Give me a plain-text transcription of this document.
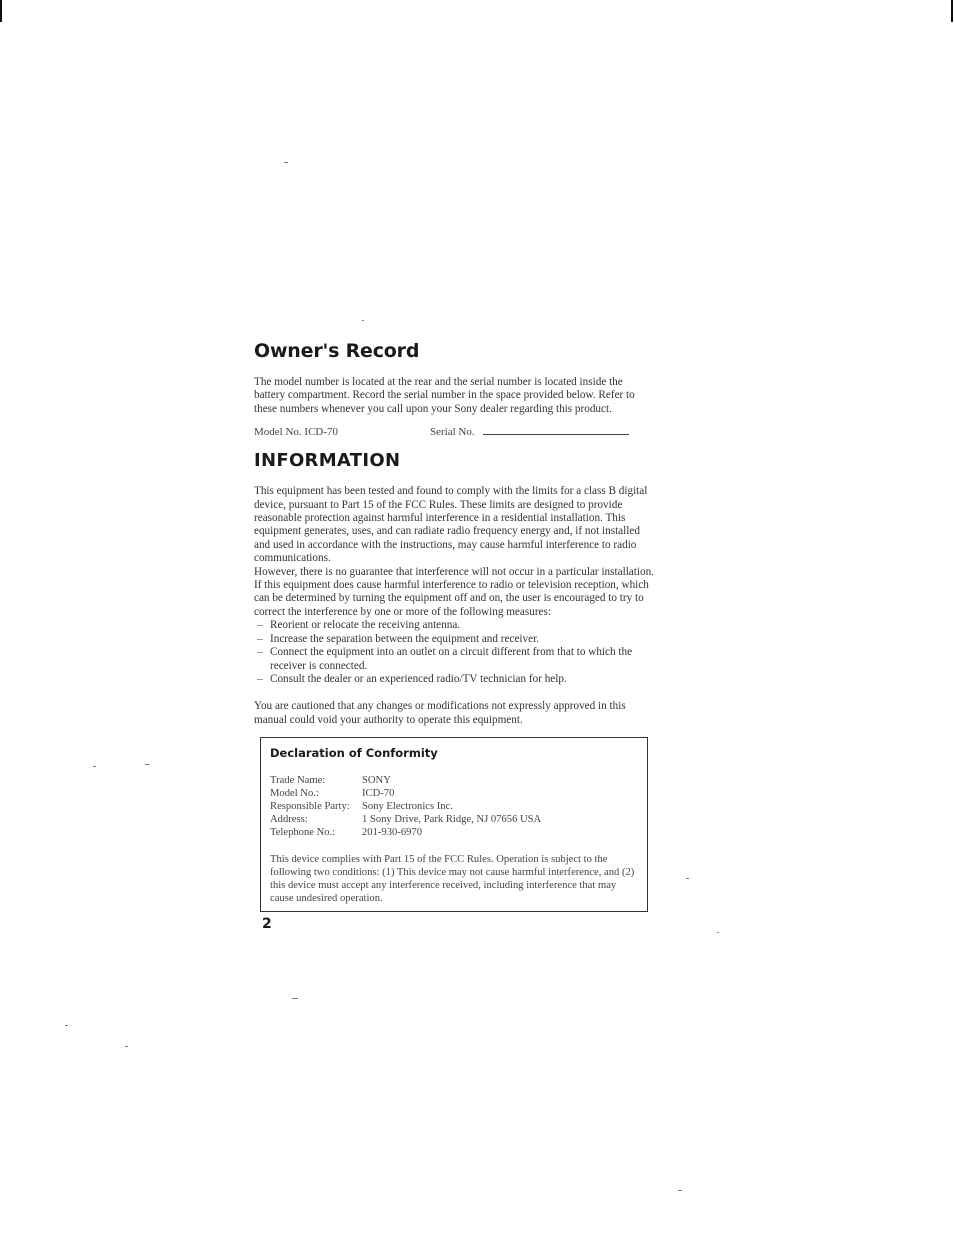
Owner's Record

The model number is located at the rear and the serial number is located inside the battery compartment. Record the serial number in the space provided below. Refer to these numbers whenever you call upon your Sony dealer regarding this product.

Model No. ICD-70	Serial No.
INFORMATION

This equipment has been tested and found to comply with the limits for a class B digital device, pursuant to Part 15 of the FCC Rules. These limits are designed to provide reasonable protection against harmful interference in a residential installation. This equipment generates, uses, and can radiate radio frequency energy and, if not installed and used in accordance with the instructions, may cause harmful interference to radio communications.

However, there is no guarantee that interference will not occur in a particular installation. If this equipment does cause harmful interference to radio or television reception, which can be determined by turning the equipment off and on, the user is encouraged to try to correct the interference by one or more of the following measures:

– Reorient or relocate the receiving antenna.
– Increase the separation between the equipment and receiver.
– Connect the equipment into an outlet on a circuit different from that to which the receiver is connected.
– Consult the dealer or an experienced radio/TV technician for help.

You are cautioned that any changes or modifications not expressly approved in this manual could void your authority to operate this equipment.

Declaration of Conformity
Trade Name:	SONY
Model No.:	ICD-70
Responsible Party:	Sony Electronics Inc.
Address:	1 Sony Drive, Park Ridge, NJ 07656 USA
Telephone No.:	201-930-6970

This device complies with Part 15 of the FCC Rules. Operation is subject to the following two conditions: (1) This device may not cause harmful interference, and (2) this device must accept any interference received, including interference that may cause undesired operation.

2
